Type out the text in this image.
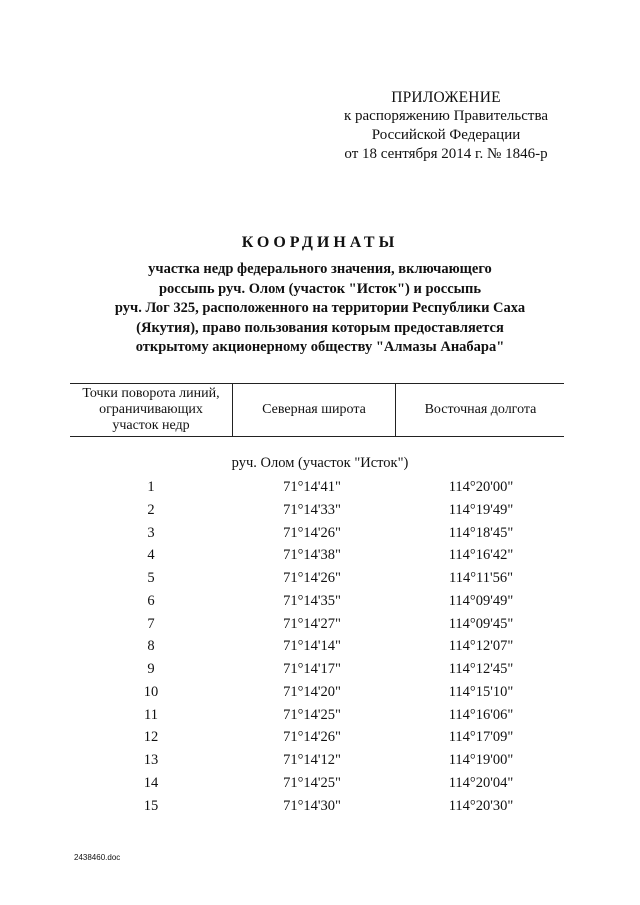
ПРИЛОЖЕНИЕ
к распоряжению Правительства
Российской Федерации
от 18 сентября 2014 г. № 1846-р
КООРДИНАТЫ
участка недр федерального значения, включающего
россыпь руч. Олом (участок "Исток") и россыпь
руч. Лог 325, расположенного на территории Республики Саха
(Якутия), право пользования которым предоставляется
открытому акционерному обществу "Алмазы Анабара"
Точки поворота линий,
ограничивающих
участок недр
Северная широта	Восточная долгота
руч. Олом (участок "Исток")
1	71°14'41"	114°20'00"
2	71°14'33"	114°19'49"
3	71°14'26"	114°18'45"
4	71°14'38"	114°16'42"
5	71°14'26"	114°11'56"
6	71°14'35"	114°09'49"
7	71°14'27"	114°09'45"
8	71°14'14"	114°12'07"
9	71°14'17"	114°12'45"
10	71°14'20"	114°15'10"
11	71°14'25"	114°16'06"
12	71°14'26"	114°17'09"
13	71°14'12"	114°19'00"
14	71°14'25"	114°20'04"
15	71°14'30"	114°20'30"
2438460.doc
